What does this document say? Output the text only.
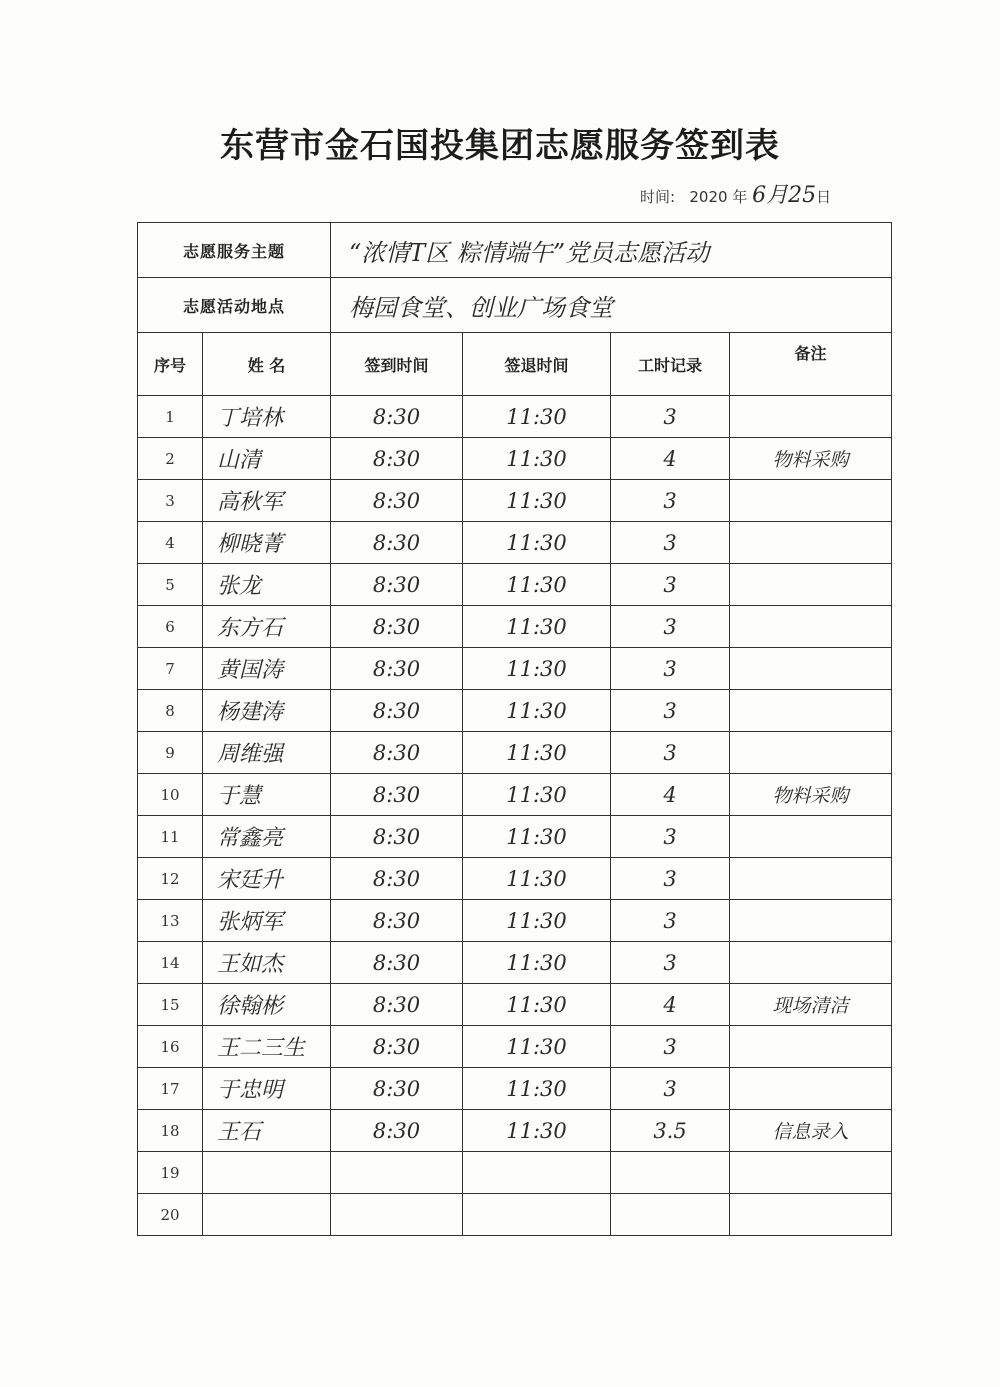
东营市金石国投集团志愿服务签到表
时间: 2020 年 6月25日
志愿服务主题		“浓情T区 粽情端午”党员志愿活动			
志愿活动地点		梅园食堂、创业广场食堂			
序号	姓 名	签到时间	签退时间	工时记录	备注
1	丁培林	8:30	11:30	3	
2	山清	8:30	11:30	4	物料采购
3	高秋军	8:30	11:30	3	
4	柳晓菁	8:30	11:30	3	
5	张龙	8:30	11:30	3	
6	东方石	8:30	11:30	3	
7	黄国涛	8:30	11:30	3	
8	杨建涛	8:30	11:30	3	
9	周维强	8:30	11:30	3	
10	于慧	8:30	11:30	4	物料采购
11	常鑫亮	8:30	11:30	3	
12	宋廷升	8:30	11:30	3	
13	张炳军	8:30	11:30	3	
14	王如杰	8:30	11:30	3	
15	徐翰彬	8:30	11:30	4	现场清洁
16	王二三生	8:30	11:30	3	
17	于忠明	8:30	11:30	3	
18	王石	8:30	11:30	3.5	信息录入
19					
20					
